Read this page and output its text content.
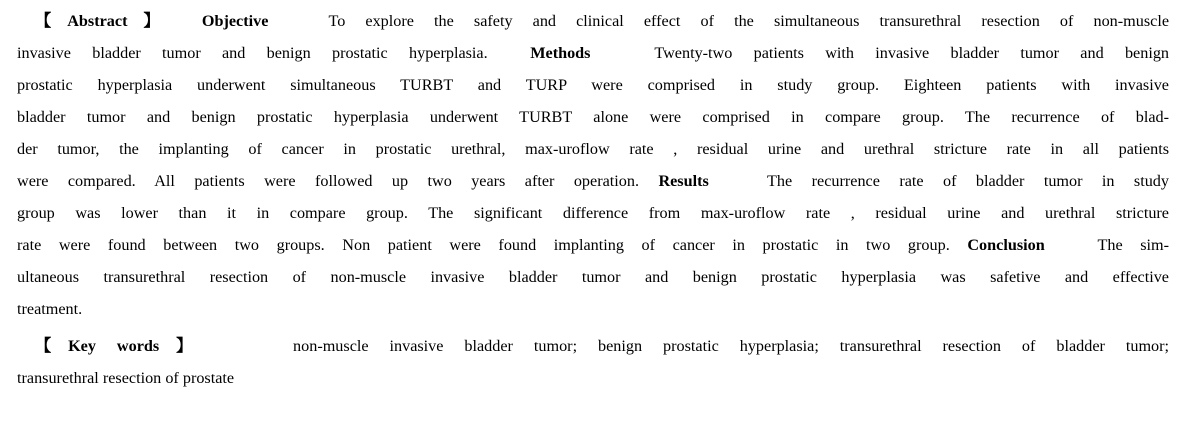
【Abstract】 Objective	To explore the safety and clinical effect of the simultaneous transurethral resection of non-muscle
invasive bladder tumor and benign prostatic hyperplasia.	Methods	Twenty-two patients with invasive bladder tumor and benign
prostatic hyperplasia underwent simultaneous TURBT and TURP were comprised in study group. Eighteen patients with invasive
bladder tumor and benign prostatic hyperplasia underwent TURBT alone were comprised in compare group. The recurrence of blad-
der tumor, the implanting of cancer in prostatic urethral, max-uroflow rate , residual urine and urethral stricture rate in all patients
were compared. All patients were followed up two years after operation. Results	The recurrence rate of bladder tumor in study
group was lower than it in compare group. The significant difference from max-uroflow rate , residual urine and urethral stricture
rate were found between two groups. Non patient were found implanting of cancer in prostatic in two group. Conclusion	The sim-
ultaneous transurethral resection of non-muscle invasive bladder tumor and benign prostatic hyperplasia was safetive and effective
treatment.
【Key words】	non-muscle invasive bladder tumor; benign prostatic hyperplasia; transurethral resection of bladder tumor;
transurethral resection of prostate
